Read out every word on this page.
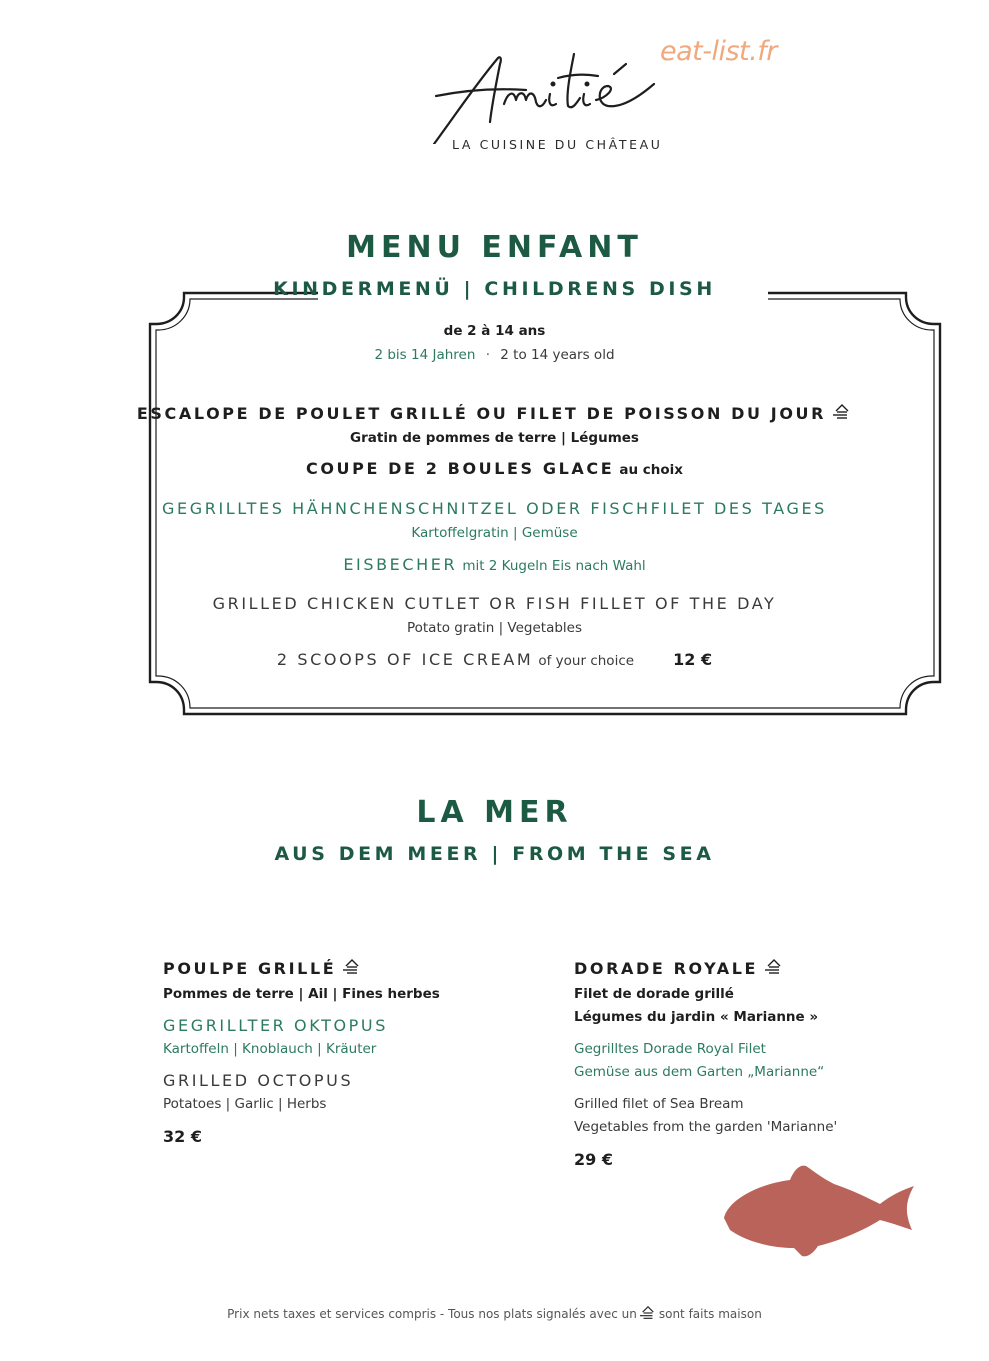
eat-list.fr
LA CUISINE DU CHÂTEAU
MENU ENFANT
KINDERMENÜ | CHILDRENS DISH
de 2 à 14 ans
2 bis 14 Jahren · 2 to 14 years old
ESCALOPE DE POULET GRILLÉ OU FILET DE POISSON DU JOUR
Gratin de pommes de terre | Légumes
COUPE DE 2 BOULES GLACE au choix
GEGRILLTES HÄHNCHENSCHNITZEL ODER FISCHFILET DES TAGES
Kartoffelgratin | Gemüse
EISBECHER mit 2 Kugeln Eis nach Wahl
GRILLED CHICKEN CUTLET OR FISH FILLET OF THE DAY
Potato gratin | Vegetables
2 SCOOPS OF ICE CREAM of your choice 12 €
LA MER
AUS DEM MEER | FROM THE SEA
POULPE GRILLÉ
Pommes de terre | Ail | Fines herbes
GEGRILLTER OKTOPUS
Kartoffeln | Knoblauch | Kräuter
GRILLED OCTOPUS
Potatoes | Garlic | Herbs
32 €
DORADE ROYALE
Filet de dorade grillé
Légumes du jardin « Marianne »
Gegrilltes Dorade Royal Filet
Gemüse aus dem Garten „Marianne“
Grilled filet of Sea Bream
Vegetables from the garden 'Marianne'
29 €
Prix nets taxes et services compris - Tous nos plats signalés avec un sont faits maison
